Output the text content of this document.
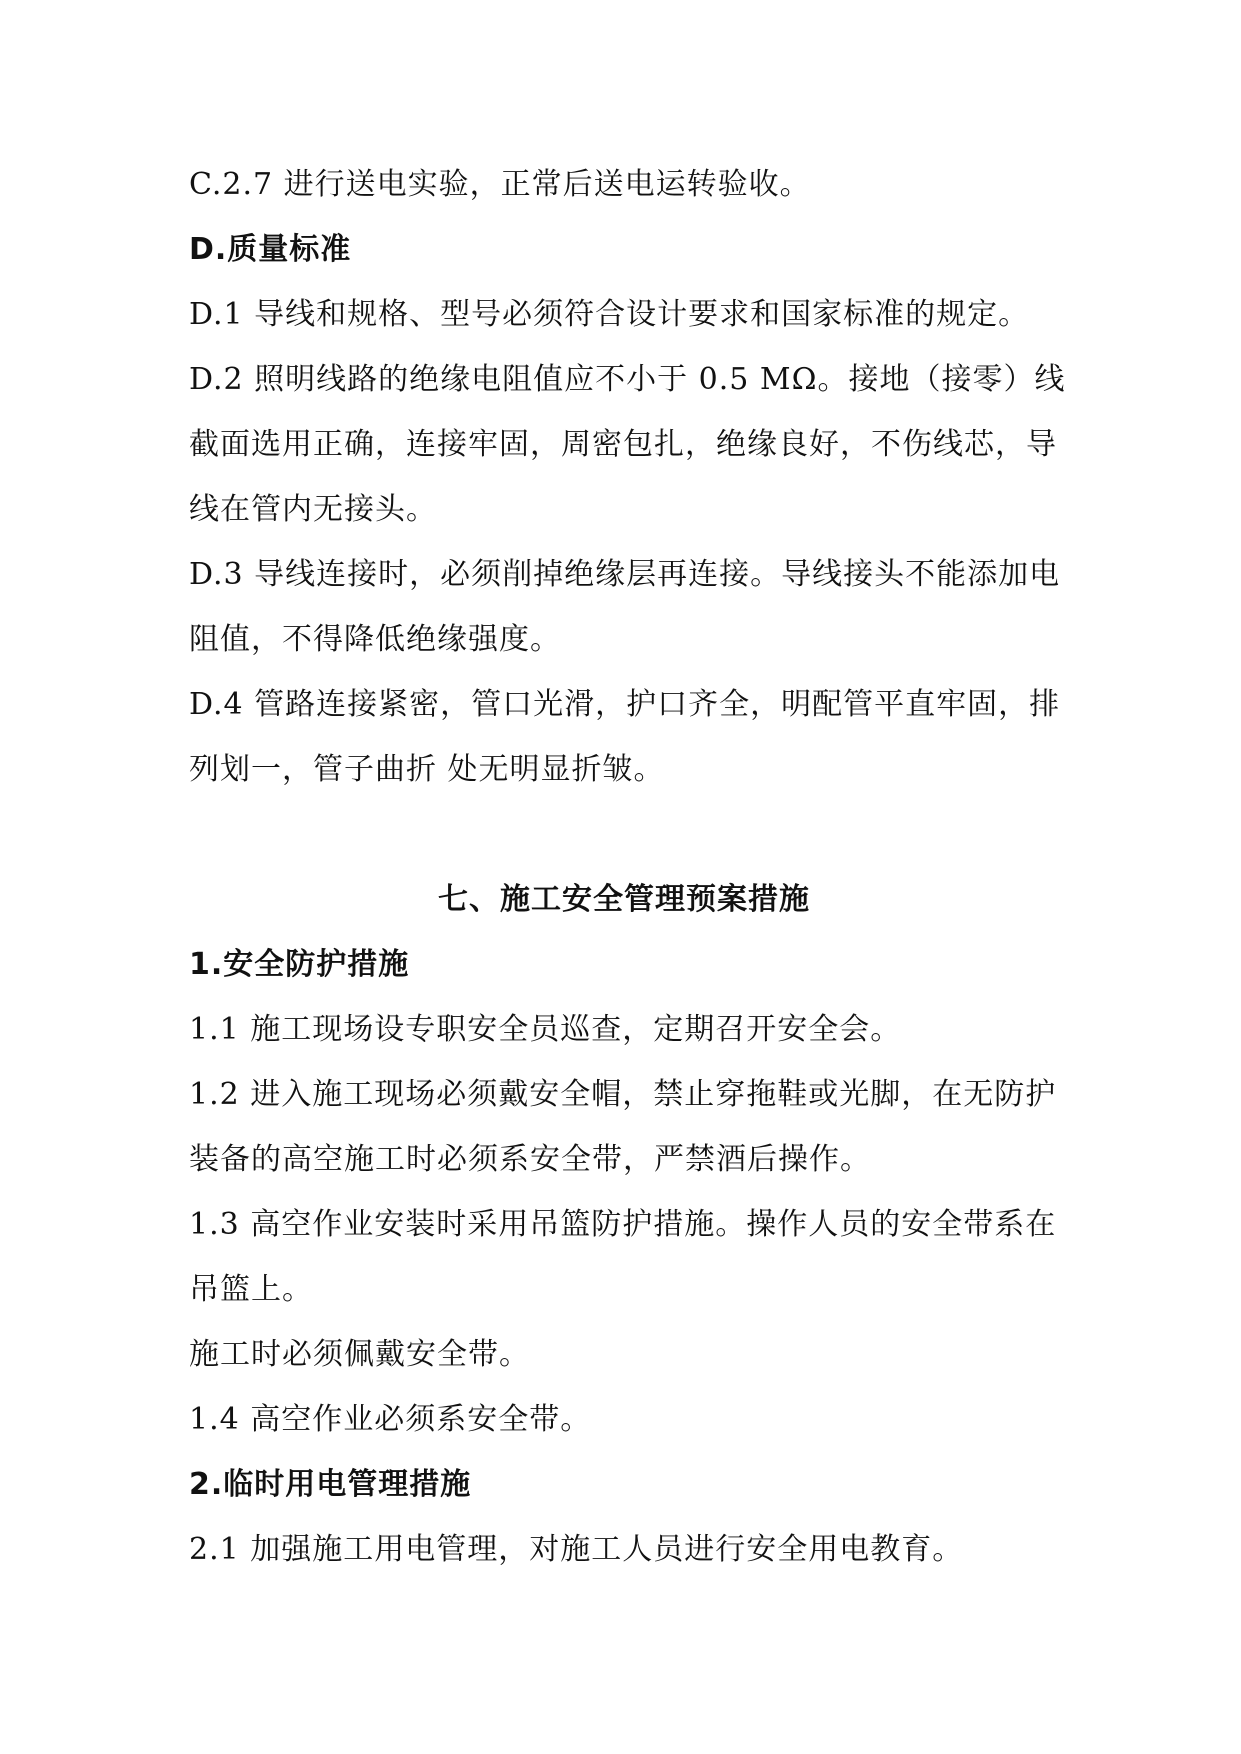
C.2.7 进行送电实验，正常后送电运转验收。
D.质量标准
D.1 导线和规格、型号必须符合设计要求和国家标准的规定。
D.2 照明线路的绝缘电阻值应不小于 0.5 MΩ。接地（接零）线
截面选用正确，连接牢固，周密包扎，绝缘良好，不伤线芯，导
线在管内无接头。
D.3 导线连接时，必须削掉绝缘层再连接。导线接头不能添加电
阻值，不得降低绝缘强度。
D.4 管路连接紧密，管口光滑，护口齐全，明配管平直牢固，排
列划一，管子曲折 处无明显折皱。
七、施工安全管理预案措施
1.安全防护措施
1.1 施工现场设专职安全员巡查，定期召开安全会。
1.2 进入施工现场必须戴安全帽，禁止穿拖鞋或光脚，在无防护
装备的高空施工时必须系安全带，严禁酒后操作。
1.3 高空作业安装时采用吊篮防护措施。操作人员的安全带系在
吊篮上。
施工时必须佩戴安全带。
1.4 高空作业必须系安全带。
2.临时用电管理措施
2.1 加强施工用电管理，对施工人员进行安全用电教育。
